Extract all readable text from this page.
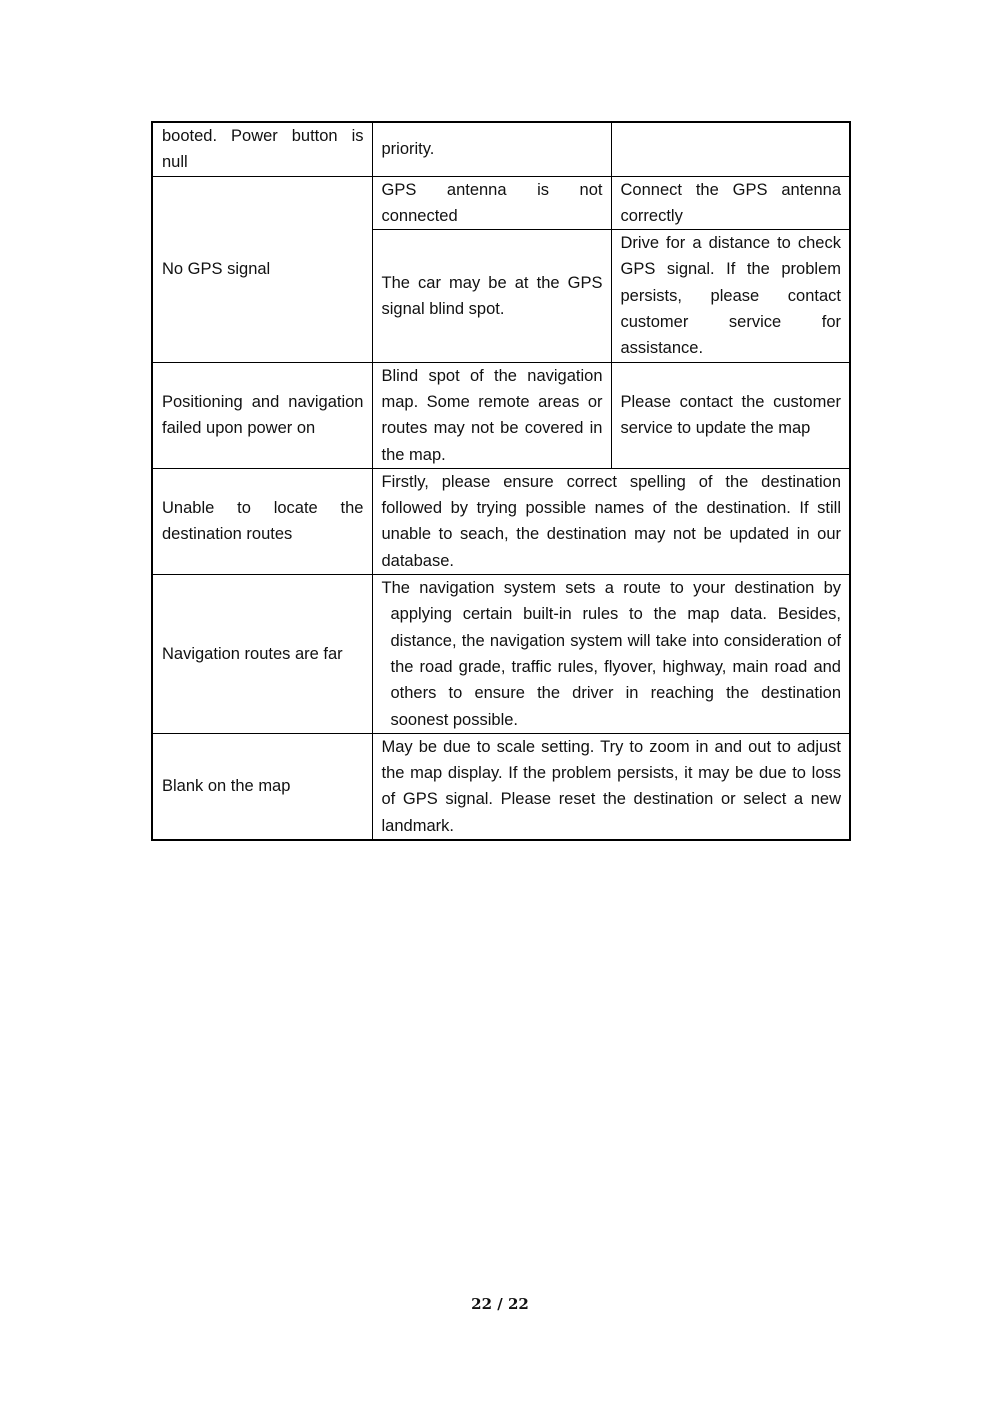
booted. Power button is null	priority.	
No GPS signal	GPS antenna is not connected	Connect the GPS antenna correctly
	The car may be at the GPS signal blind spot.	Drive for a distance to check GPS signal. If the problem persists, please contact customer service for assistance.
Positioning and navigation failed upon power on	Blind spot of the navigation map. Some remote areas or routes may not be covered in the map.	Please contact the customer service to update the map
Unable to locate the destination routes	Firstly, please ensure correct spelling of the destination followed by trying possible names of the destination. If still unable to seach, the destination may not be updated in our database.	
Navigation routes are far	The navigation system sets a route to your destination by applying certain built-in rules to the map data. Besides, distance, the navigation system will take into consideration of the road grade, traffic rules, flyover, highway, main road and others to ensure the driver in reaching the destination soonest possible.	
Blank on the map	May be due to scale setting. Try to zoom in and out to adjust the map display. If the problem persists, it may be due to loss of GPS signal. Please reset the destination or select a new landmark.	
22 / 22
